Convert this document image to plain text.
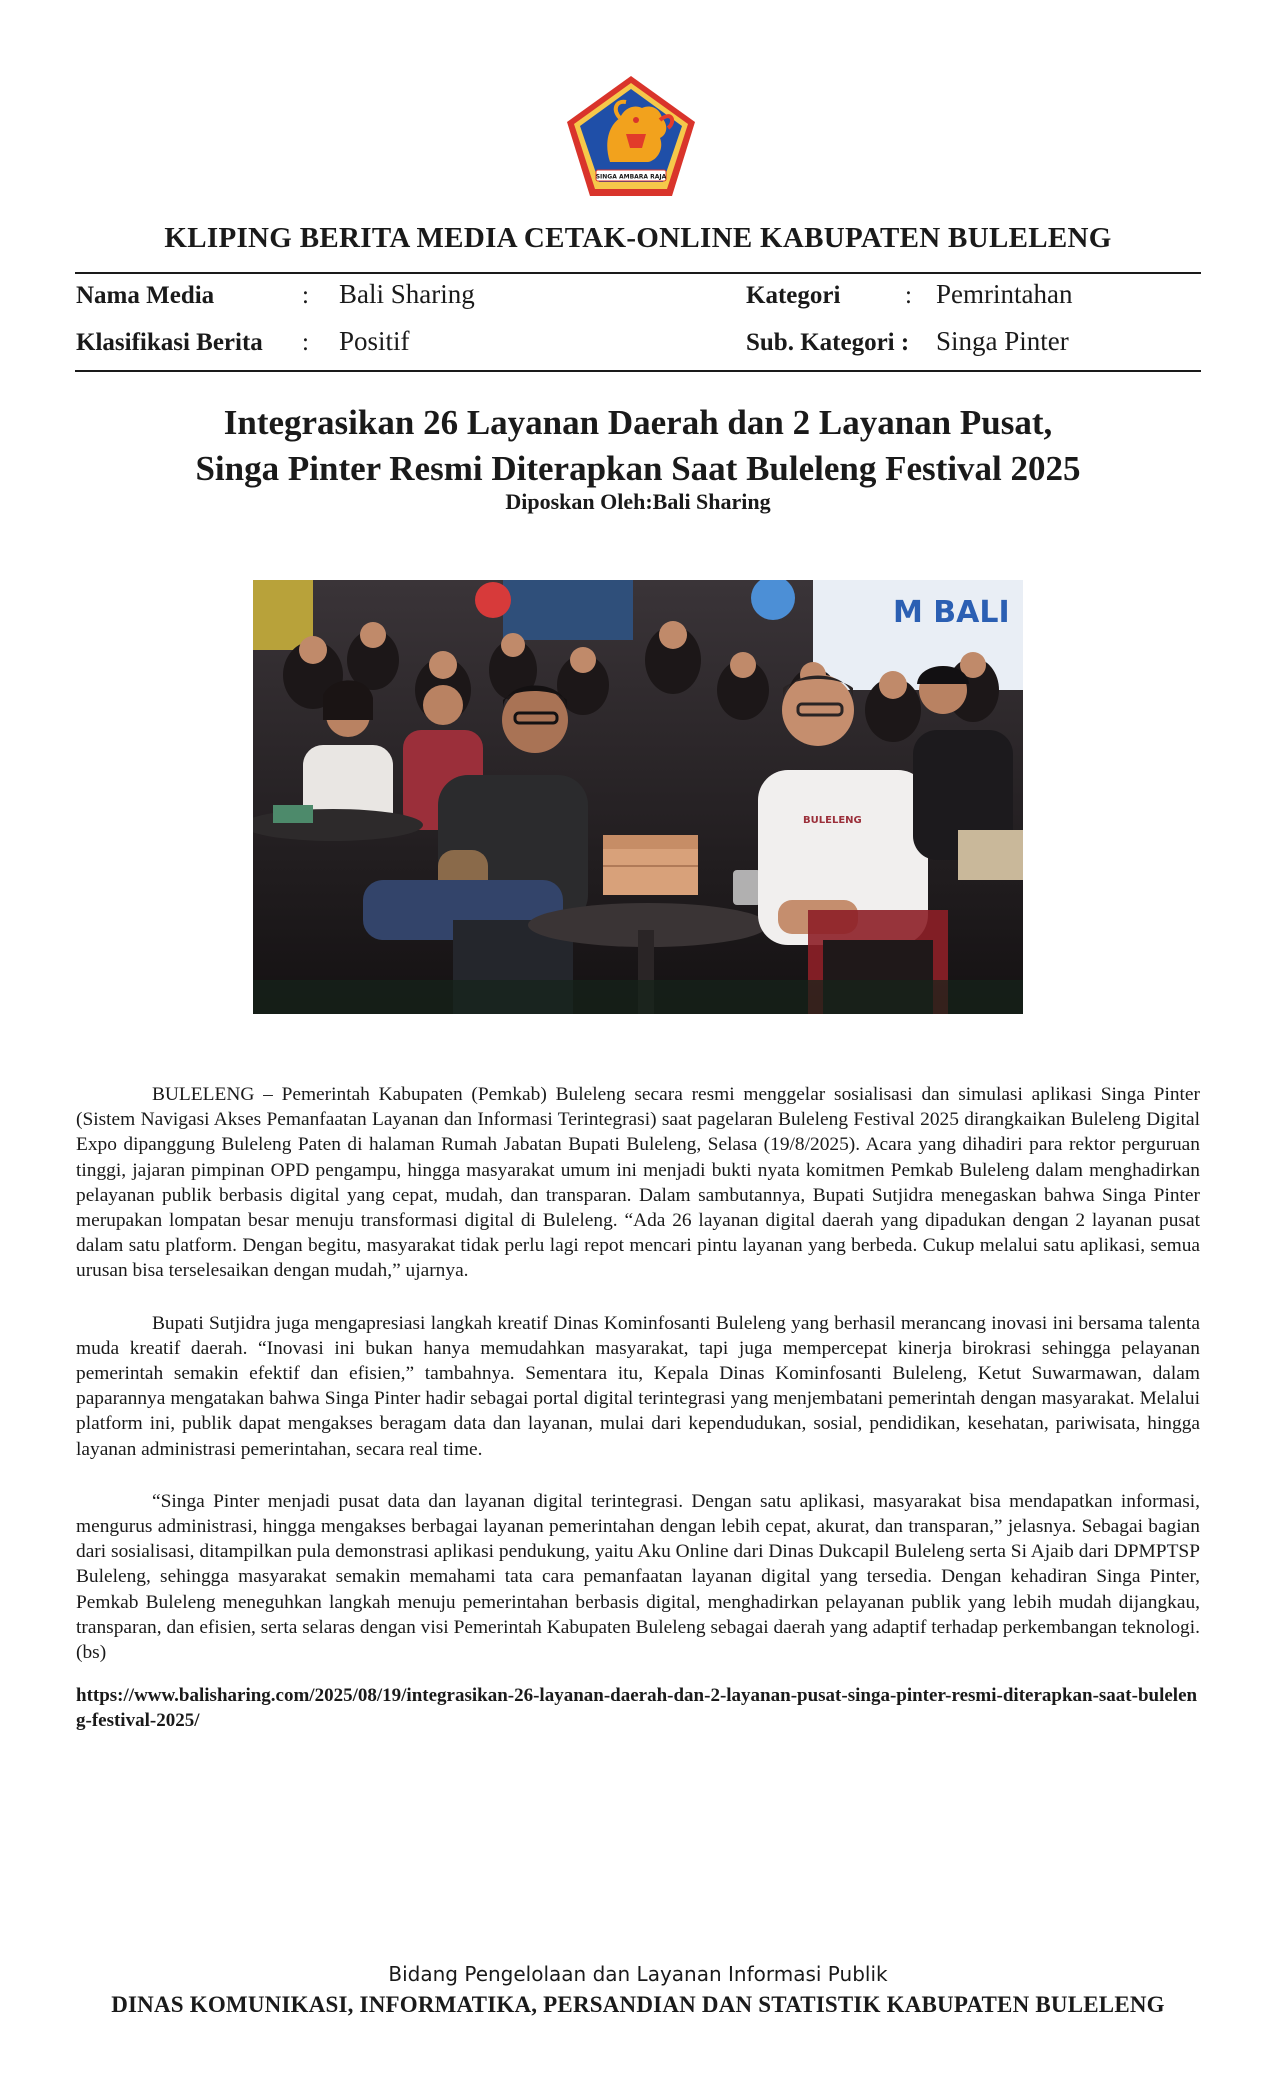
SINGA AMBARA RAJA
KLIPING BERITA MEDIA CETAK-ONLINE KABUPATEN BULELENG
Nama Media	: Bali Sharing	Kategori	: Pemrintahan
Klasifikasi Berita : Positif	Sub. Kategori : Singa Pinter
Integrasikan 26 Layanan Daerah dan 2 Layanan Pusat,
Singa Pinter Resmi Diterapkan Saat Buleleng Festival 2025
Diposkan Oleh:Bali Sharing
M BALI
BULELENG

BULELENG – Pemerintah Kabupaten (Pemkab) Buleleng secara resmi menggelar sosialisasi dan simulasi aplikasi Singa Pinter (Sistem Navigasi Akses Pemanfaatan Layanan dan Informasi Terintegrasi) saat pagelaran Buleleng Festival 2025 dirangkaikan Buleleng Digital Expo dipanggung Buleleng Paten di halaman Rumah Jabatan Bupati Buleleng, Selasa (19/8/2025). Acara yang dihadiri para rektor perguruan tinggi, jajaran pimpinan OPD pengampu, hingga masyarakat umum ini menjadi bukti nyata komitmen Pemkab Buleleng dalam menghadirkan pelayanan publik berbasis digital yang cepat, mudah, dan transparan. Dalam sambutannya, Bupati Sutjidra menegaskan bahwa Singa Pinter merupakan lompatan besar menuju transformasi digital di Buleleng. “Ada 26 layanan digital daerah yang dipadukan dengan 2 layanan pusat dalam satu platform. Dengan begitu, masyarakat tidak perlu lagi repot mencari pintu layanan yang berbeda. Cukup melalui satu aplikasi, semua urusan bisa terselesaikan dengan mudah,” ujarnya.

Bupati Sutjidra juga mengapresiasi langkah kreatif Dinas Kominfosanti Buleleng yang berhasil merancang inovasi ini bersama talenta muda kreatif daerah. “Inovasi ini bukan hanya memudahkan masyarakat, tapi juga mempercepat kinerja birokrasi sehingga pelayanan pemerintah semakin efektif dan efisien,” tambahnya. Sementara itu, Kepala Dinas Kominfosanti Buleleng, Ketut Suwarmawan, dalam paparannya mengatakan bahwa Singa Pinter hadir sebagai portal digital terintegrasi yang menjembatani pemerintah dengan masyarakat. Melalui platform ini, publik dapat mengakses beragam data dan layanan, mulai dari kependudukan, sosial, pendidikan, kesehatan, pariwisata, hingga layanan administrasi pemerintahan, secara real time.

“Singa Pinter menjadi pusat data dan layanan digital terintegrasi. Dengan satu aplikasi, masyarakat bisa mendapatkan informasi, mengurus administrasi, hingga mengakses berbagai layanan pemerintahan dengan lebih cepat, akurat, dan transparan,” jelasnya. Sebagai bagian dari sosialisasi, ditampilkan pula demonstrasi aplikasi pendukung, yaitu Aku Online dari Dinas Dukcapil Buleleng serta Si Ajaib dari DPMPTSP Buleleng, sehingga masyarakat semakin memahami tata cara pemanfaatan layanan digital yang tersedia. Dengan kehadiran Singa Pinter, Pemkab Buleleng meneguhkan langkah menuju pemerintahan berbasis digital, menghadirkan pelayanan publik yang lebih mudah dijangkau, transparan, dan efisien, serta selaras dengan visi Pemerintah Kabupaten Buleleng sebagai daerah yang adaptif terhadap perkembangan teknologi. (bs)

https://www.balisharing.com/2025/08/19/integrasikan-26-layanan-daerah-dan-2-layanan-pusat-singa-pinter-resmi-diterapkan-saat-buleleng-festival-2025/
Bidang Pengelolaan dan Layanan Informasi Publik
DINAS KOMUNIKASI, INFORMATIKA, PERSANDIAN DAN STATISTIK KABUPATEN BULELENG
